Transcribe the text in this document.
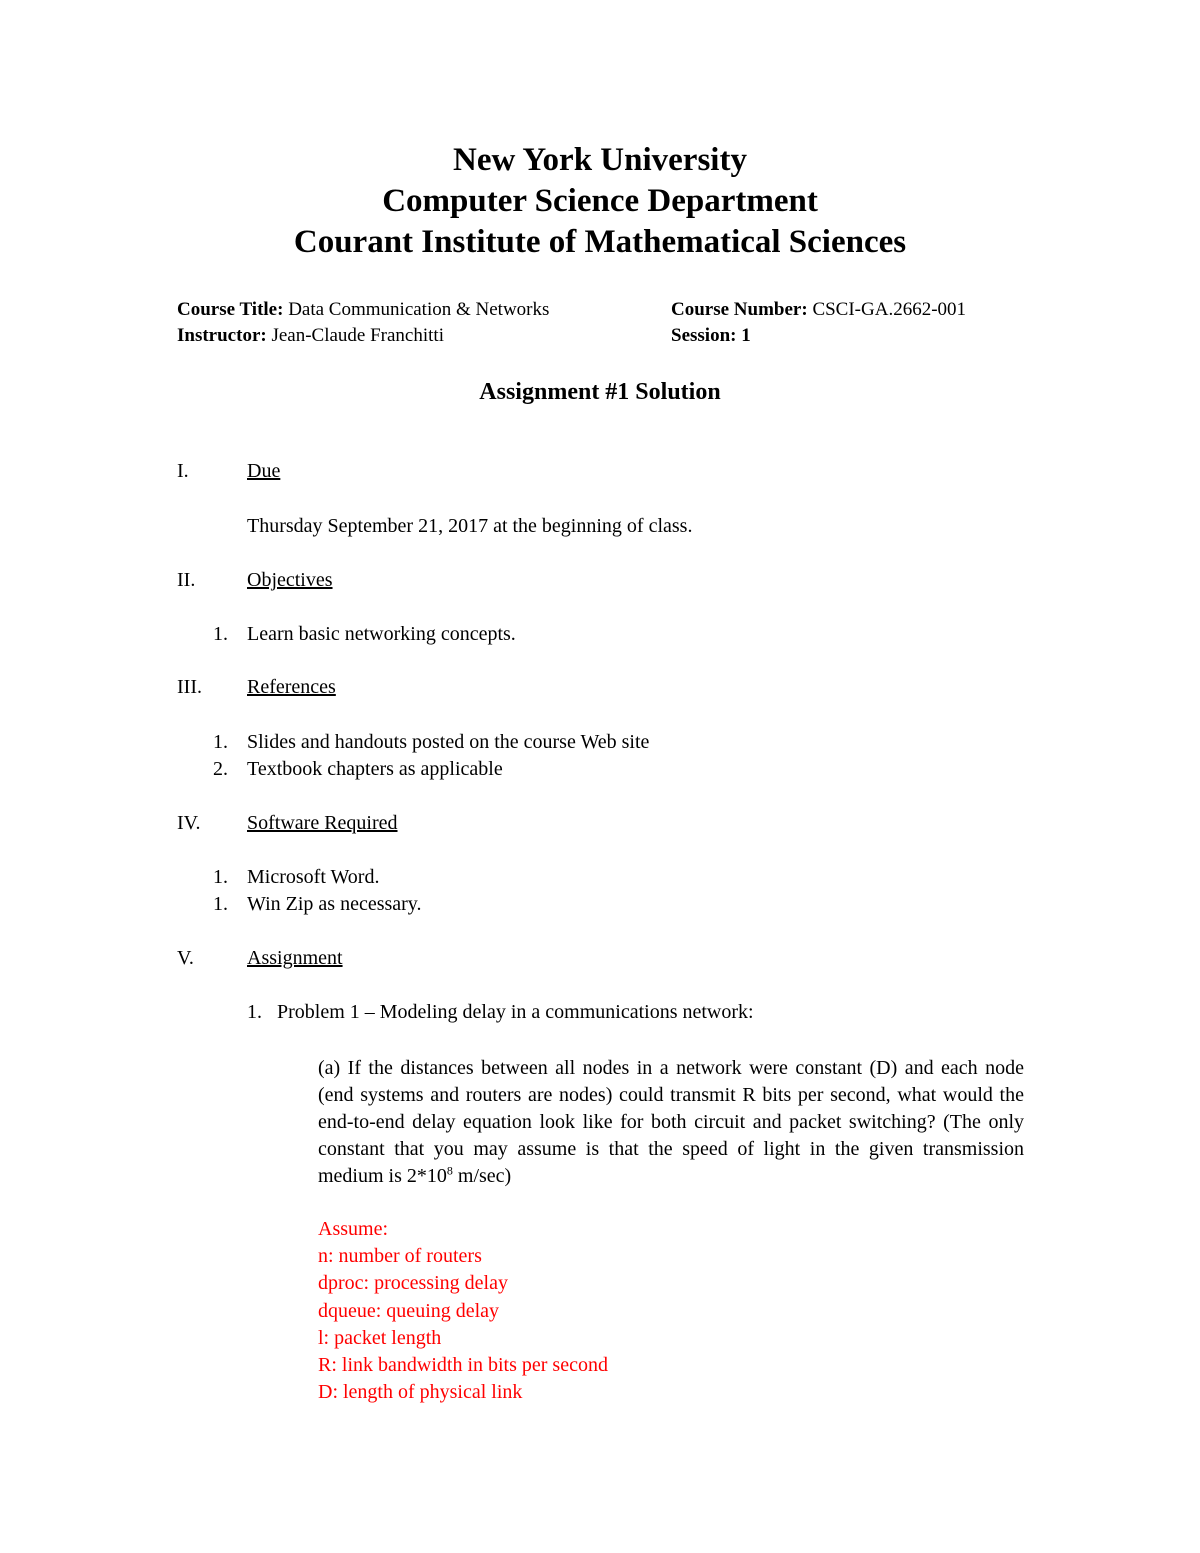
New York University
Computer Science Department
Courant Institute of Mathematical Sciences
Course Title: Data Communication & Networks
Instructor: Jean-Claude Franchitti
Course Number: CSCI-GA.2662-001
Session: 1
Assignment #1 Solution
I.	Due
Thursday September 21, 2017 at the beginning of class.
II.	Objectives
1. Learn basic networking concepts.
III. References
1. Slides and handouts posted on the course Web site
2. Textbook chapters as applicable
IV. Software Required
1. Microsoft Word.
1. Win Zip as necessary.
V.	Assignment
1. Problem 1 – Modeling delay in a communications network:
(a) If the distances between all nodes in a network were constant (D) and each node (end systems and routers are nodes) could transmit R bits per second, what would the end-to-end delay equation look like for both circuit and packet switching? (The only constant that you may assume is that the speed of light in the given transmission medium is $2*10^8$ m/sec)
Assume:
n: number of routers
dproc: processing delay
dqueue: queuing delay
l: packet length
R: link bandwidth in bits per second
D: length of physical link
